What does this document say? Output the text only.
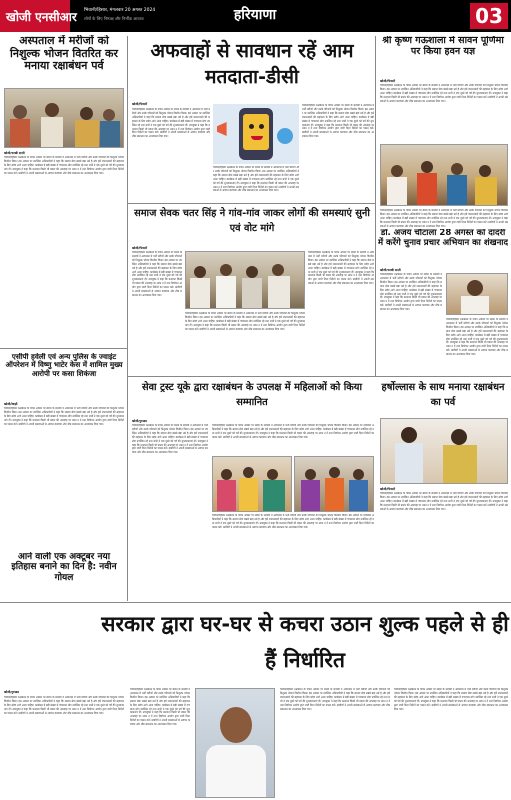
खोजी एनसीआर भिवानी/हिसार, मंगलवार 20 अगस्त 2024
लोगों के लिए निष्पक्ष और निर्भीक आवाज	हरियाणा	03
अस्पताल में मरीजों को निशुल्क भोजन वितरित कर मनाया रक्षाबंधन पर्व
खोजी/चरखी दादरी
भिवानी/हिसार रक्षाबंधन के पावन अवसर पर संस्था के सदस्यों ने अस्पताल में भर्ती मरीजों और उनके परिजनों को निशुल्क भोजन वितरित किया। इस अवसर पर उपस्थित अधिकारियों ने कहा कि समाज सेवा सबसे बड़ा धर्म है और हमें जरूरतमंदों की सहायता के लिए सदैव आगे आना चाहिए। कार्यक्रम में बड़ी संख्या में गणमान्य लोग उपस्थित रहे तथा सभी ने एक दूसरे को पर्व की शुभकामनाएं दीं। उपायुक्त ने कहा कि मतदाता किसी भी प्रकार की अफवाह पर ध्यान न दें तथा निर्वाचन आयोग द्वारा जारी दिशा निर्देशों का पालन करें। ग्रामीणों ने अपनी समस्याओं से अवगत करवाया और शीघ्र समाधान का आश्वासन दिया गया।
एसीपी हवेली एवं अन्य पुलिस के ज्वाइंट ऑपरेशन में विष्णु भाटेर केस में शामिल मुख्य आरोपी पर कसा शिकंजा
खोजी/रेवाड़ी
भिवानी/हिसार रक्षाबंधन के पावन अवसर पर संस्था के सदस्यों ने अस्पताल में भर्ती मरीजों और उनके परिजनों को निशुल्क भोजन वितरित किया। इस अवसर पर उपस्थित अधिकारियों ने कहा कि समाज सेवा सबसे बड़ा धर्म है और हमें जरूरतमंदों की सहायता के लिए सदैव आगे आना चाहिए। कार्यक्रम में बड़ी संख्या में गणमान्य लोग उपस्थित रहे तथा सभी ने एक दूसरे को पर्व की शुभकामनाएं दीं। उपायुक्त ने कहा कि मतदाता किसी भी प्रकार की अफवाह पर ध्यान न दें तथा निर्वाचन आयोग द्वारा जारी दिशा निर्देशों का पालन करें। ग्रामीणों ने अपनी समस्याओं से अवगत करवाया और शीघ्र समाधान का आश्वासन दिया गया।
आने वाली एक अक्टूबर नया इतिहास बनाने का दिन है: नवीन गोयल
अफवाहों से सावधान रहें आम मतदाता-डीसी
खोजी/भिवानी
भिवानी/हिसार रक्षाबंधन के पावन अवसर पर संस्था के सदस्यों ने अस्पताल में भर्ती मरीजों और उनके परिजनों को निशुल्क भोजन वितरित किया। इस अवसर पर उपस्थित अधिकारियों ने कहा कि समाज सेवा सबसे बड़ा धर्म है और हमें जरूरतमंदों की सहायता के लिए सदैव आगे आना चाहिए। कार्यक्रम में बड़ी संख्या में गणमान्य लोग उपस्थित रहे तथा सभी ने एक दूसरे को पर्व की शुभकामनाएं दीं। उपायुक्त ने कहा कि मतदाता किसी भी प्रकार की अफवाह पर ध्यान न दें तथा निर्वाचन आयोग द्वारा जारी दिशा निर्देशों का पालन करें। ग्रामीणों ने अपनी समस्याओं से अवगत करवाया और शीघ्र समाधान का आश्वासन दिया गया।
भिवानी/हिसार रक्षाबंधन के पावन अवसर पर संस्था के सदस्यों ने अस्पताल में भर्ती मरीजों और उनके परिजनों को निशुल्क भोजन वितरित किया। इस अवसर पर उपस्थित अधिकारियों ने कहा कि समाज सेवा सबसे बड़ा धर्म है और हमें जरूरतमंदों की सहायता के लिए सदैव आगे आना चाहिए। कार्यक्रम में बड़ी संख्या में गणमान्य लोग उपस्थित रहे तथा सभी ने एक दूसरे को पर्व की शुभकामनाएं दीं। उपायुक्त ने कहा कि मतदाता किसी भी प्रकार की अफवाह पर ध्यान न दें तथा निर्वाचन आयोग द्वारा जारी दिशा निर्देशों का पालन करें। ग्रामीणों ने अपनी समस्याओं से अवगत करवाया और शीघ्र समाधान का आश्वासन दिया गया।
भिवानी/हिसार रक्षाबंधन के पावन अवसर पर संस्था के सदस्यों ने अस्पताल में भर्ती मरीजों और उनके परिजनों को निशुल्क भोजन वितरित किया। इस अवसर पर उपस्थित अधिकारियों ने कहा कि समाज सेवा सबसे बड़ा धर्म है और हमें जरूरतमंदों की सहायता के लिए सदैव आगे आना चाहिए। कार्यक्रम में बड़ी संख्या में गणमान्य लोग उपस्थित रहे तथा सभी ने एक दूसरे को पर्व की शुभकामनाएं दीं। उपायुक्त ने कहा कि मतदाता किसी भी प्रकार की अफवाह पर ध्यान न दें तथा निर्वाचन आयोग द्वारा जारी दिशा निर्देशों का पालन करें। ग्रामीणों ने अपनी समस्याओं से अवगत करवाया और शीघ्र समाधान का आश्वासन दिया गया।
श्री कृष्ण गऊशाला में सावन पूर्णिमा पर किया हवन यज्ञ
खोजी/भिवानी
भिवानी/हिसार रक्षाबंधन के पावन अवसर पर संस्था के सदस्यों ने अस्पताल में भर्ती मरीजों और उनके परिजनों को निशुल्क भोजन वितरित किया। इस अवसर पर उपस्थित अधिकारियों ने कहा कि समाज सेवा सबसे बड़ा धर्म है और हमें जरूरतमंदों की सहायता के लिए सदैव आगे आना चाहिए। कार्यक्रम में बड़ी संख्या में गणमान्य लोग उपस्थित रहे तथा सभी ने एक दूसरे को पर्व की शुभकामनाएं दीं। उपायुक्त ने कहा कि मतदाता किसी भी प्रकार की अफवाह पर ध्यान न दें तथा निर्वाचन आयोग द्वारा जारी दिशा निर्देशों का पालन करें। ग्रामीणों ने अपनी समस्याओं से अवगत करवाया और शीघ्र समाधान का आश्वासन दिया गया।
भिवानी/हिसार रक्षाबंधन के पावन अवसर पर संस्था के सदस्यों ने अस्पताल में भर्ती मरीजों और उनके परिजनों को निशुल्क भोजन वितरित किया। इस अवसर पर उपस्थित अधिकारियों ने कहा कि समाज सेवा सबसे बड़ा धर्म है और हमें जरूरतमंदों की सहायता के लिए सदैव आगे आना चाहिए। कार्यक्रम में बड़ी संख्या में गणमान्य लोग उपस्थित रहे तथा सभी ने एक दूसरे को पर्व की शुभकामनाएं दीं। उपायुक्त ने कहा कि मतदाता किसी भी प्रकार की अफवाह पर ध्यान न दें तथा निर्वाचन आयोग द्वारा जारी दिशा निर्देशों का पालन करें। ग्रामीणों ने अपनी समस्याओं से अवगत करवाया और शीघ्र समाधान का आश्वासन दिया गया।
डॉ. अजय चौटाला 28 अगस्त को दादरी में करेंगे चुनाव प्रचार अभियान का शंखनाद
खोजी/चरखी दादरी
भिवानी/हिसार रक्षाबंधन के पावन अवसर पर संस्था के सदस्यों ने अस्पताल में भर्ती मरीजों और उनके परिजनों को निशुल्क भोजन वितरित किया। इस अवसर पर उपस्थित अधिकारियों ने कहा कि समाज सेवा सबसे बड़ा धर्म है और हमें जरूरतमंदों की सहायता के लिए सदैव आगे आना चाहिए। कार्यक्रम में बड़ी संख्या में गणमान्य लोग उपस्थित रहे तथा सभी ने एक दूसरे को पर्व की शुभकामनाएं दीं। उपायुक्त ने कहा कि मतदाता किसी भी प्रकार की अफवाह पर ध्यान न दें तथा निर्वाचन आयोग द्वारा जारी दिशा निर्देशों का पालन करें। ग्रामीणों ने अपनी समस्याओं से अवगत करवाया और शीघ्र समाधान का आश्वासन दिया गया।
भिवानी/हिसार रक्षाबंधन के पावन अवसर पर संस्था के सदस्यों ने अस्पताल में भर्ती मरीजों और उनके परिजनों को निशुल्क भोजन वितरित किया। इस अवसर पर उपस्थित अधिकारियों ने कहा कि समाज सेवा सबसे बड़ा धर्म है और हमें जरूरतमंदों की सहायता के लिए सदैव आगे आना चाहिए। कार्यक्रम में बड़ी संख्या में गणमान्य लोग उपस्थित रहे तथा सभी ने एक दूसरे को पर्व की शुभकामनाएं दीं। उपायुक्त ने कहा कि मतदाता किसी भी प्रकार की अफवाह पर ध्यान न दें तथा निर्वाचन आयोग द्वारा जारी दिशा निर्देशों का पालन करें। ग्रामीणों ने अपनी समस्याओं से अवगत करवाया और शीघ्र समाधान का आश्वासन दिया गया।
समाज सेवक चतर सिंह ने गांव-गांव जाकर लोगों की समस्याएं सुनी एवं वोट मांगे
खोजी/भिवानी
भिवानी/हिसार रक्षाबंधन के पावन अवसर पर संस्था के सदस्यों ने अस्पताल में भर्ती मरीजों और उनके परिजनों को निशुल्क भोजन वितरित किया। इस अवसर पर उपस्थित अधिकारियों ने कहा कि समाज सेवा सबसे बड़ा धर्म है और हमें जरूरतमंदों की सहायता के लिए सदैव आगे आना चाहिए। कार्यक्रम में बड़ी संख्या में गणमान्य लोग उपस्थित रहे तथा सभी ने एक दूसरे को पर्व की शुभकामनाएं दीं। उपायुक्त ने कहा कि मतदाता किसी भी प्रकार की अफवाह पर ध्यान न दें तथा निर्वाचन आयोग द्वारा जारी दिशा निर्देशों का पालन करें। ग्रामीणों ने अपनी समस्याओं से अवगत करवाया और शीघ्र समाधान का आश्वासन दिया गया।
भिवानी/हिसार रक्षाबंधन के पावन अवसर पर संस्था के सदस्यों ने अस्पताल में भर्ती मरीजों और उनके परिजनों को निशुल्क भोजन वितरित किया। इस अवसर पर उपस्थित अधिकारियों ने कहा कि समाज सेवा सबसे बड़ा धर्म है और हमें जरूरतमंदों की सहायता के लिए सदैव आगे आना चाहिए। कार्यक्रम में बड़ी संख्या में गणमान्य लोग उपस्थित रहे तथा सभी ने एक दूसरे को पर्व की शुभकामनाएं दीं। उपायुक्त ने कहा कि मतदाता किसी भी प्रकार की अफवाह पर ध्यान न दें तथा निर्वाचन आयोग द्वारा जारी दिशा निर्देशों का पालन करें। ग्रामीणों ने अपनी समस्याओं से अवगत करवाया और शीघ्र समाधान का आश्वासन दिया गया।
भिवानी/हिसार रक्षाबंधन के पावन अवसर पर संस्था के सदस्यों ने अस्पताल में भर्ती मरीजों और उनके परिजनों को निशुल्क भोजन वितरित किया। इस अवसर पर उपस्थित अधिकारियों ने कहा कि समाज सेवा सबसे बड़ा धर्म है और हमें जरूरतमंदों की सहायता के लिए सदैव आगे आना चाहिए। कार्यक्रम में बड़ी संख्या में गणमान्य लोग उपस्थित रहे तथा सभी ने एक दूसरे को पर्व की शुभकामनाएं दीं। उपायुक्त ने कहा कि मतदाता किसी भी प्रकार की अफवाह पर ध्यान न दें तथा निर्वाचन आयोग द्वारा जारी दिशा निर्देशों का पालन करें। ग्रामीणों ने अपनी समस्याओं से अवगत करवाया और शीघ्र समाधान का आश्वासन दिया गया।
सेवा ट्रस्ट यूके द्वारा रक्षाबंधन के उपलक्ष में महिलाओं को किया सम्मानित
खोजी/गुरुग्राम
भिवानी/हिसार रक्षाबंधन के पावन अवसर पर संस्था के सदस्यों ने अस्पताल में भर्ती मरीजों और उनके परिजनों को निशुल्क भोजन वितरित किया। इस अवसर पर उपस्थित अधिकारियों ने कहा कि समाज सेवा सबसे बड़ा धर्म है और हमें जरूरतमंदों की सहायता के लिए सदैव आगे आना चाहिए। कार्यक्रम में बड़ी संख्या में गणमान्य लोग उपस्थित रहे तथा सभी ने एक दूसरे को पर्व की शुभकामनाएं दीं। उपायुक्त ने कहा कि मतदाता किसी भी प्रकार की अफवाह पर ध्यान न दें तथा निर्वाचन आयोग द्वारा जारी दिशा निर्देशों का पालन करें। ग्रामीणों ने अपनी समस्याओं से अवगत करवाया और शीघ्र समाधान का आश्वासन दिया गया।
भिवानी/हिसार रक्षाबंधन के पावन अवसर पर संस्था के सदस्यों ने अस्पताल में भर्ती मरीजों और उनके परिजनों को निशुल्क भोजन वितरित किया। इस अवसर पर उपस्थित अधिकारियों ने कहा कि समाज सेवा सबसे बड़ा धर्म है और हमें जरूरतमंदों की सहायता के लिए सदैव आगे आना चाहिए। कार्यक्रम में बड़ी संख्या में गणमान्य लोग उपस्थित रहे तथा सभी ने एक दूसरे को पर्व की शुभकामनाएं दीं। उपायुक्त ने कहा कि मतदाता किसी भी प्रकार की अफवाह पर ध्यान न दें तथा निर्वाचन आयोग द्वारा जारी दिशा निर्देशों का पालन करें। ग्रामीणों ने अपनी समस्याओं से अवगत करवाया और शीघ्र समाधान का आश्वासन दिया गया।
भिवानी/हिसार रक्षाबंधन के पावन अवसर पर संस्था के सदस्यों ने अस्पताल में भर्ती मरीजों और उनके परिजनों को निशुल्क भोजन वितरित किया। इस अवसर पर उपस्थित अधिकारियों ने कहा कि समाज सेवा सबसे बड़ा धर्म है और हमें जरूरतमंदों की सहायता के लिए सदैव आगे आना चाहिए। कार्यक्रम में बड़ी संख्या में गणमान्य लोग उपस्थित रहे तथा सभी ने एक दूसरे को पर्व की शुभकामनाएं दीं। उपायुक्त ने कहा कि मतदाता किसी भी प्रकार की अफवाह पर ध्यान न दें तथा निर्वाचन आयोग द्वारा जारी दिशा निर्देशों का पालन करें। ग्रामीणों ने अपनी समस्याओं से अवगत करवाया और शीघ्र समाधान का आश्वासन दिया गया।
हर्षोल्लास के साथ मनाया रक्षाबंधन का पर्व
खोजी/भिवानी
भिवानी/हिसार रक्षाबंधन के पावन अवसर पर संस्था के सदस्यों ने अस्पताल में भर्ती मरीजों और उनके परिजनों को निशुल्क भोजन वितरित किया। इस अवसर पर उपस्थित अधिकारियों ने कहा कि समाज सेवा सबसे बड़ा धर्म है और हमें जरूरतमंदों की सहायता के लिए सदैव आगे आना चाहिए। कार्यक्रम में बड़ी संख्या में गणमान्य लोग उपस्थित रहे तथा सभी ने एक दूसरे को पर्व की शुभकामनाएं दीं। उपायुक्त ने कहा कि मतदाता किसी भी प्रकार की अफवाह पर ध्यान न दें तथा निर्वाचन आयोग द्वारा जारी दिशा निर्देशों का पालन करें। ग्रामीणों ने अपनी समस्याओं से अवगत करवाया और शीघ्र समाधान का आश्वासन दिया गया।
सरकार द्वारा घर-घर से कचरा उठान शुल्क पहले से ही हैं निर्धारित
खोजी/गुरुग्राम
भिवानी/हिसार रक्षाबंधन के पावन अवसर पर संस्था के सदस्यों ने अस्पताल में भर्ती मरीजों और उनके परिजनों को निशुल्क भोजन वितरित किया। इस अवसर पर उपस्थित अधिकारियों ने कहा कि समाज सेवा सबसे बड़ा धर्म है और हमें जरूरतमंदों की सहायता के लिए सदैव आगे आना चाहिए। कार्यक्रम में बड़ी संख्या में गणमान्य लोग उपस्थित रहे तथा सभी ने एक दूसरे को पर्व की शुभकामनाएं दीं। उपायुक्त ने कहा कि मतदाता किसी भी प्रकार की अफवाह पर ध्यान न दें तथा निर्वाचन आयोग द्वारा जारी दिशा निर्देशों का पालन करें। ग्रामीणों ने अपनी समस्याओं से अवगत करवाया और शीघ्र समाधान का आश्वासन दिया गया।
भिवानी/हिसार रक्षाबंधन के पावन अवसर पर संस्था के सदस्यों ने अस्पताल में भर्ती मरीजों और उनके परिजनों को निशुल्क भोजन वितरित किया। इस अवसर पर उपस्थित अधिकारियों ने कहा कि समाज सेवा सबसे बड़ा धर्म है और हमें जरूरतमंदों की सहायता के लिए सदैव आगे आना चाहिए। कार्यक्रम में बड़ी संख्या में गणमान्य लोग उपस्थित रहे तथा सभी ने एक दूसरे को पर्व की शुभकामनाएं दीं। उपायुक्त ने कहा कि मतदाता किसी भी प्रकार की अफवाह पर ध्यान न दें तथा निर्वाचन आयोग द्वारा जारी दिशा निर्देशों का पालन करें। ग्रामीणों ने अपनी समस्याओं से अवगत करवाया और शीघ्र समाधान का आश्वासन दिया गया।
भिवानी/हिसार रक्षाबंधन के पावन अवसर पर संस्था के सदस्यों ने अस्पताल में भर्ती मरीजों और उनके परिजनों को निशुल्क भोजन वितरित किया। इस अवसर पर उपस्थित अधिकारियों ने कहा कि समाज सेवा सबसे बड़ा धर्म है और हमें जरूरतमंदों की सहायता के लिए सदैव आगे आना चाहिए। कार्यक्रम में बड़ी संख्या में गणमान्य लोग उपस्थित रहे तथा सभी ने एक दूसरे को पर्व की शुभकामनाएं दीं। उपायुक्त ने कहा कि मतदाता किसी भी प्रकार की अफवाह पर ध्यान न दें तथा निर्वाचन आयोग द्वारा जारी दिशा निर्देशों का पालन करें। ग्रामीणों ने अपनी समस्याओं से अवगत करवाया और शीघ्र समाधान का आश्वासन दिया गया।
भिवानी/हिसार रक्षाबंधन के पावन अवसर पर संस्था के सदस्यों ने अस्पताल में भर्ती मरीजों और उनके परिजनों को निशुल्क भोजन वितरित किया। इस अवसर पर उपस्थित अधिकारियों ने कहा कि समाज सेवा सबसे बड़ा धर्म है और हमें जरूरतमंदों की सहायता के लिए सदैव आगे आना चाहिए। कार्यक्रम में बड़ी संख्या में गणमान्य लोग उपस्थित रहे तथा सभी ने एक दूसरे को पर्व की शुभकामनाएं दीं। उपायुक्त ने कहा कि मतदाता किसी भी प्रकार की अफवाह पर ध्यान न दें तथा निर्वाचन आयोग द्वारा जारी दिशा निर्देशों का पालन करें। ग्रामीणों ने अपनी समस्याओं से अवगत करवाया और शीघ्र समाधान का आश्वासन दिया गया।
